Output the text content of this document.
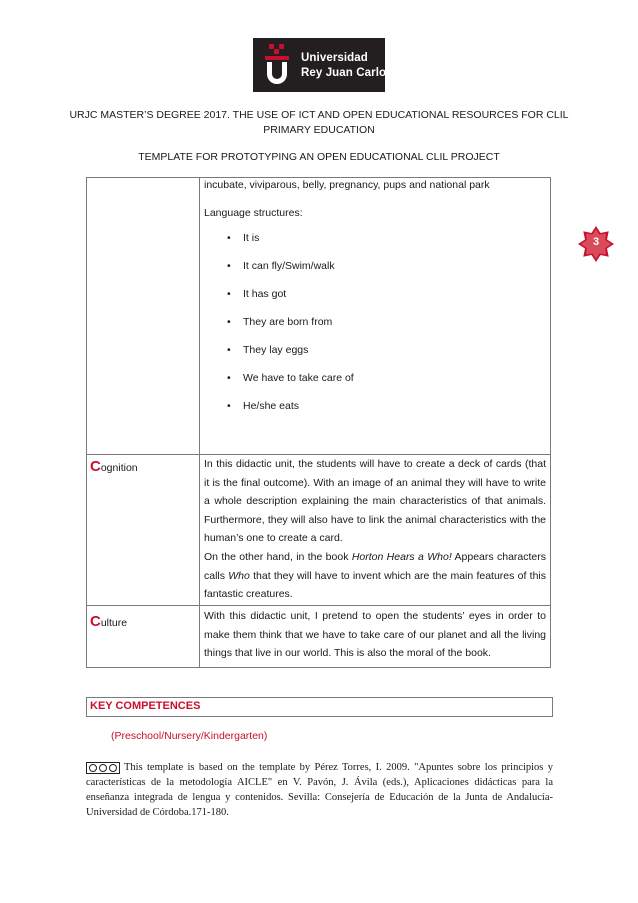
Universidad
Rey Juan Carlos
URJC MASTER’S DEGREE 2017. THE USE OF ICT AND OPEN EDUCATIONAL RESOURCES FOR CLIL
PRIMARY EDUCATION
TEMPLATE FOR PROTOTYPING AN OPEN EDUCATIONAL CLIL PROJECT
incubate, viviparous, belly, pregnancy, pups and national park
Language structures:
• It is
• It can fly/Swim/walk
• It has got
• They are born from
• They lay eggs
• We have to take care of
• He/she eats
Cognition	In this didactic unit, the students will have to create a deck of cards (that it is the final outcome). With an image of an animal they will have to write a whole description explaining the main characteristics of that animals. Furthermore, they will also have to link the animal characteristics with the human’s one to create a card.
On the other hand, in the book Horton Hears a Who! Appears characters calls Who that they will have to invent which are the main features of this fantastic creatures.
Culture
With this didactic unit, I pretend to open the students’ eyes in order to make them think that we have to take care of our planet and all the living things that live in our world. This is also the moral of the book.
3
KEY COMPETENCES
(Preschool/Nursery/Kindergarten)
This template is based on the template by Pérez Torres, I. 2009. "Apuntes sobre los principios y características de la metodología AICLE" en V. Pavón, J. Ávila (eds.), Aplicaciones didácticas para la enseñanza integrada de lengua y contenidos. Sevilla: Consejería de Educación de la Junta de Andalucía-Universidad de Córdoba.171-180.
